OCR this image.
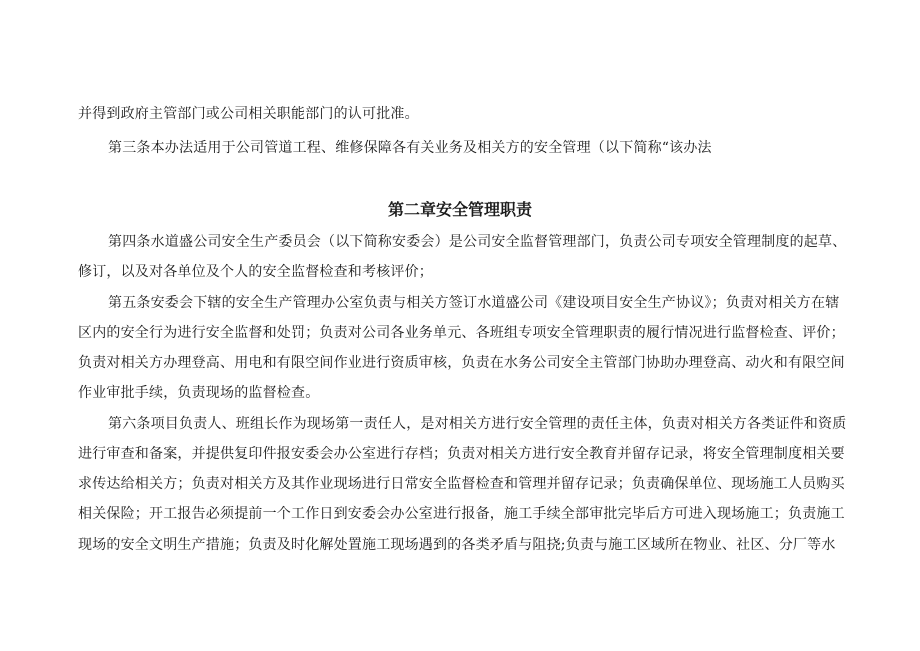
并得到政府主管部门或公司相关职能部门的认可批准。
第三条本办法适用于公司管道工程、维修保障各有关业务及相关方的安全管理（以下简称“该办法
第二章安全管理职责
第四条水道盛公司安全生产委员会（以下简称安委会）是公司安全监督管理部门，负责公司专项安全管理制度的起草、
修订，以及对各单位及个人的安全监督检查和考核评价；
第五条安委会下辖的安全生产管理办公室负责与相关方签订水道盛公司《建设项目安全生产协议》；负责对相关方在辖
区内的安全行为进行安全监督和处罚；负责对公司各业务单元、各班组专项安全管理职责的履行情况进行监督检查、评价；
负责对相关方办理登高、用电和有限空间作业进行资质审核，负责在水务公司安全主管部门协助办理登高、动火和有限空间
作业审批手续，负责现场的监督检查。
第六条项目负责人、班组长作为现场第一责任人，是对相关方进行安全管理的责任主体，负责对相关方各类证件和资质
进行审查和备案，并提供复印件报安委会办公室进行存档；负责对相关方进行安全教育并留存记录，将安全管理制度相关要
求传达给相关方；负责对相关方及其作业现场进行日常安全监督检查和管理并留存记录；负责确保单位、现场施工人员购买
相关保险；开工报告必须提前一个工作日到安委会办公室进行报备，施工手续全部审批完毕后方可进入现场施工；负责施工
现场的安全文明生产措施；负责及时化解处置施工现场遇到的各类矛盾与阻挠;负责与施工区域所在物业、社区、分厂等水
